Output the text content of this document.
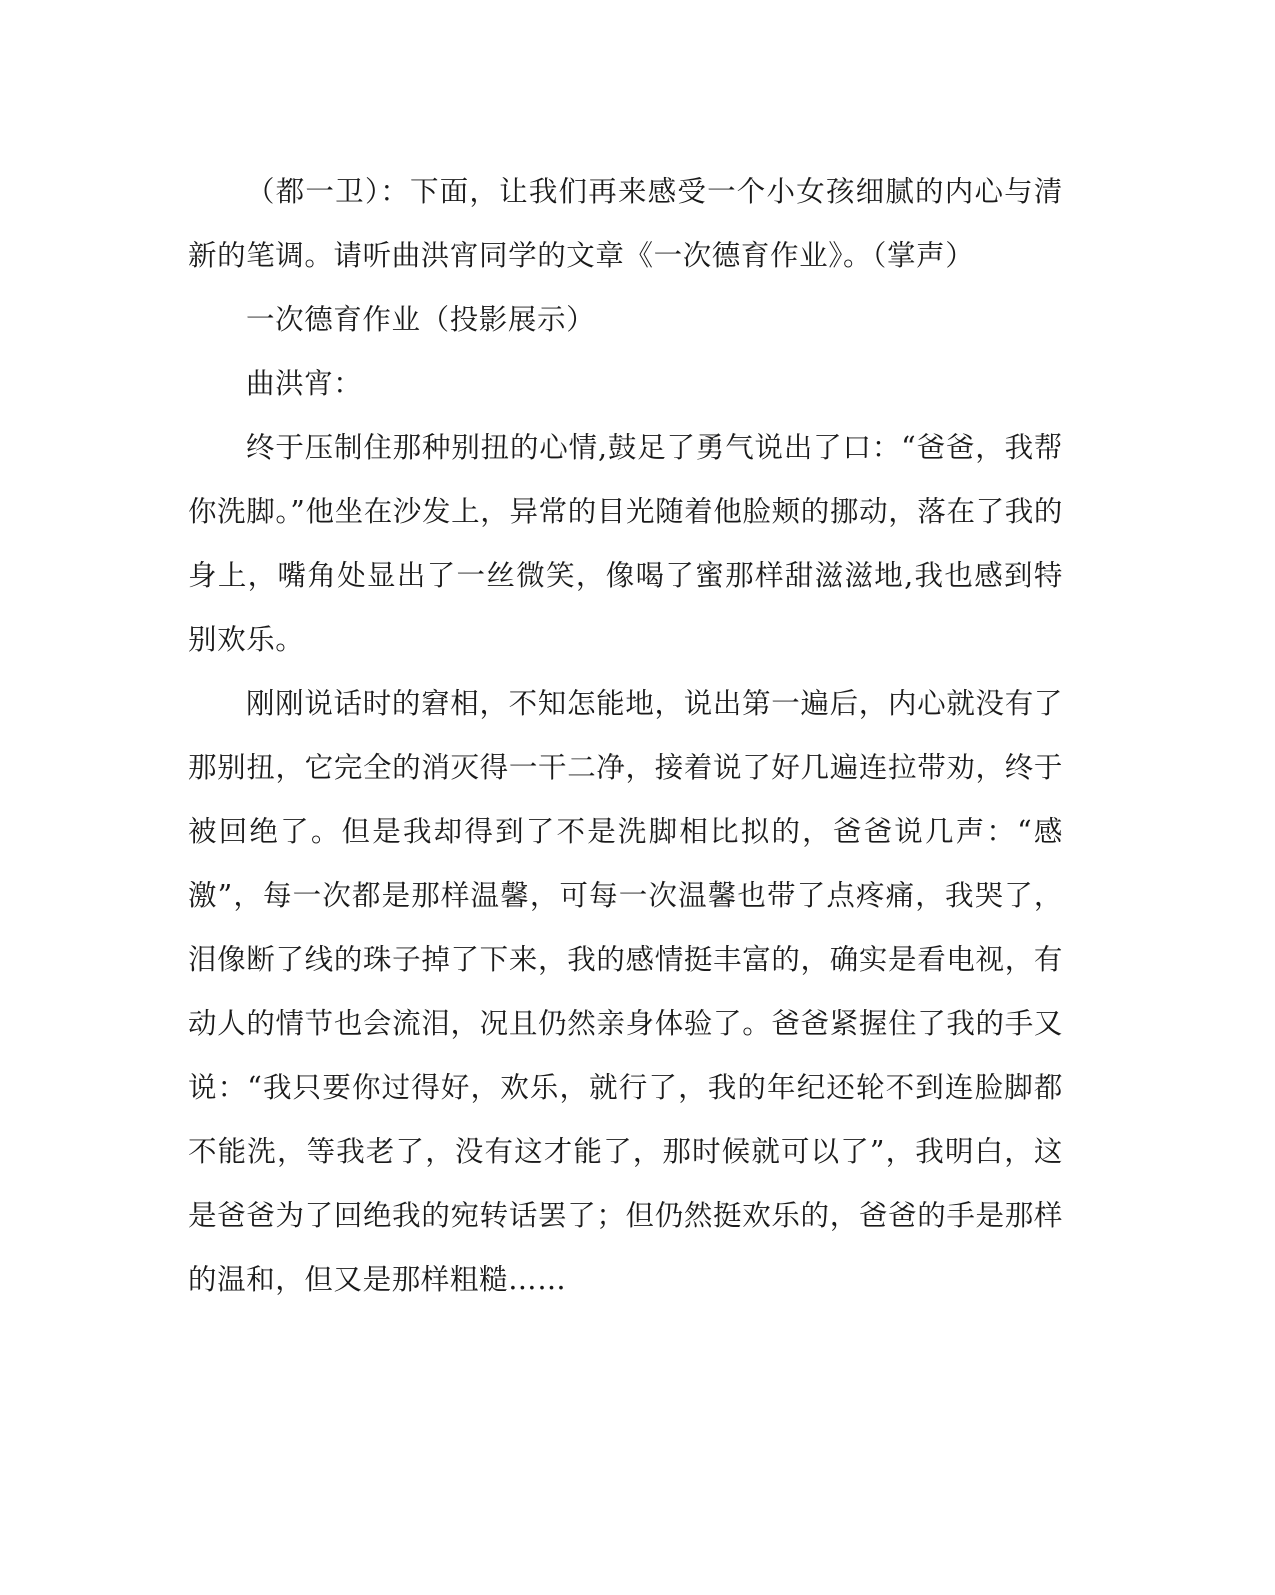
（都一卫）：下面，让我们再来感受一个小女孩细腻的内心与清新的笔调。请听曲洪宵同学的文章《一次德育作业》。（掌声）

一次德育作业（投影展示）

曲洪宵：

终于压制住那种别扭的心情,鼓足了勇气说出了口：“爸爸，我帮你洗脚。”他坐在沙发上，异常的目光随着他脸颊的挪动，落在了我的身上，嘴角处显出了一丝微笑，像喝了蜜那样甜滋滋地,我也感到特别欢乐。

刚刚说话时的窘相，不知怎能地，说出第一遍后，内心就没有了那别扭，它完全的消灭得一干二净，接着说了好几遍连拉带劝，终于被回绝了。但是我却得到了不是洗脚相比拟的，爸爸说几声：“感激”，每一次都是那样温馨，可每一次温馨也带了点疼痛，我哭了，泪像断了线的珠子掉了下来，我的感情挺丰富的，确实是看电视，有动人的情节也会流泪，况且仍然亲身体验了。爸爸紧握住了我的手又说：“我只要你过得好，欢乐，就行了，我的年纪还轮不到连脸脚都不能洗，等我老了，没有这才能了，那时候就可以了”，我明白，这是爸爸为了回绝我的宛转话罢了；但仍然挺欢乐的，爸爸的手是那样的温和，但又是那样粗糙……
